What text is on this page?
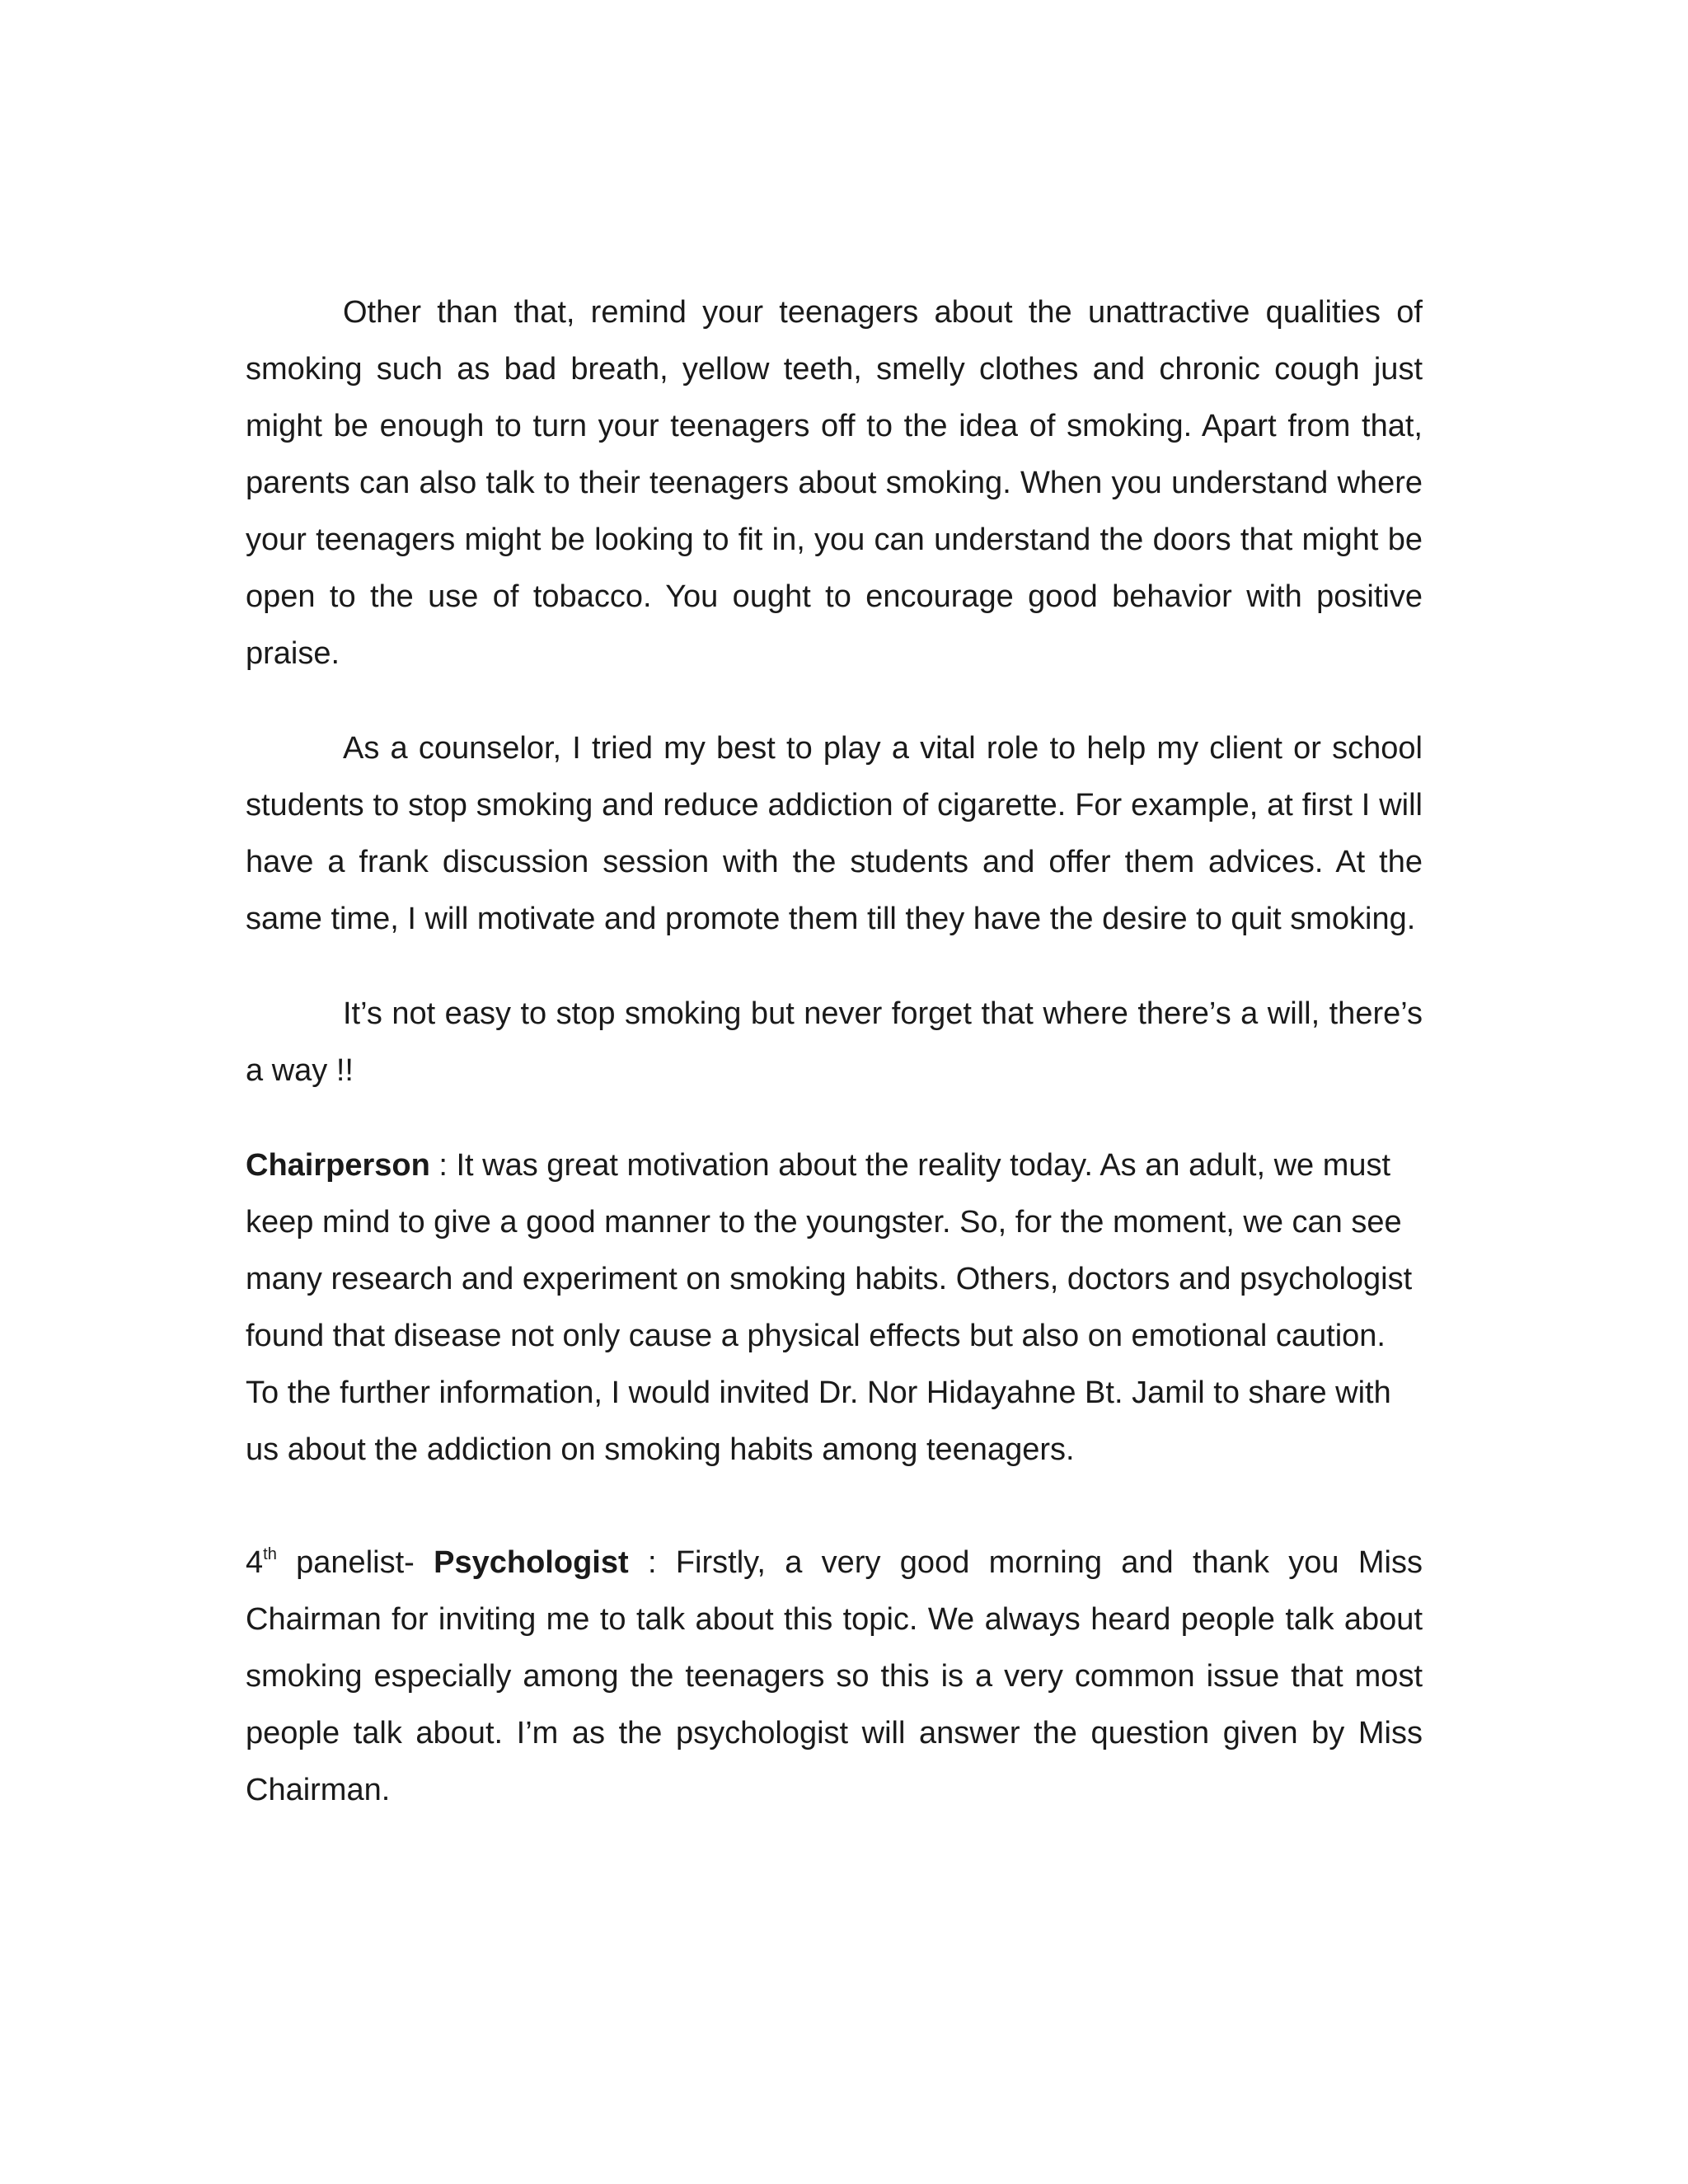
Other than that, remind your teenagers about the unattractive qualities of smoking such as bad breath, yellow teeth, smelly clothes and chronic cough just might be enough to turn your teenagers off to the idea of smoking. Apart from that, parents can also talk to their teenagers about smoking. When you understand where your teenagers might be looking to fit in, you can understand the doors that might be open to the use of tobacco. You ought to encourage good behavior with positive praise.

As a counselor, I tried my best to play a vital role to help my client or school students to stop smoking and reduce addiction of cigarette. For example, at first I will have a frank discussion session with the students and offer them advices. At the same time, I will motivate and promote them till they have the desire to quit smoking.

It’s not easy to stop smoking but never forget that where there’s a will, there’s a way !!

Chairperson : It was great motivation about the reality today. As an adult, we must keep mind to give a good manner to the youngster. So, for the moment, we can see many research and experiment on smoking habits. Others, doctors and psychologist found that disease not only cause a physical effects but also on emotional caution. To the further information, I would invited Dr. Nor Hidayahne Bt. Jamil to share with us about the addiction on smoking habits among teenagers.

4th panelist- Psychologist : Firstly, a very good morning and thank you Miss Chairman for inviting me to talk about this topic. We always heard people talk about smoking especially among the teenagers so this is a very common issue that most people talk about. I’m as the psychologist will answer the question given by Miss Chairman.
